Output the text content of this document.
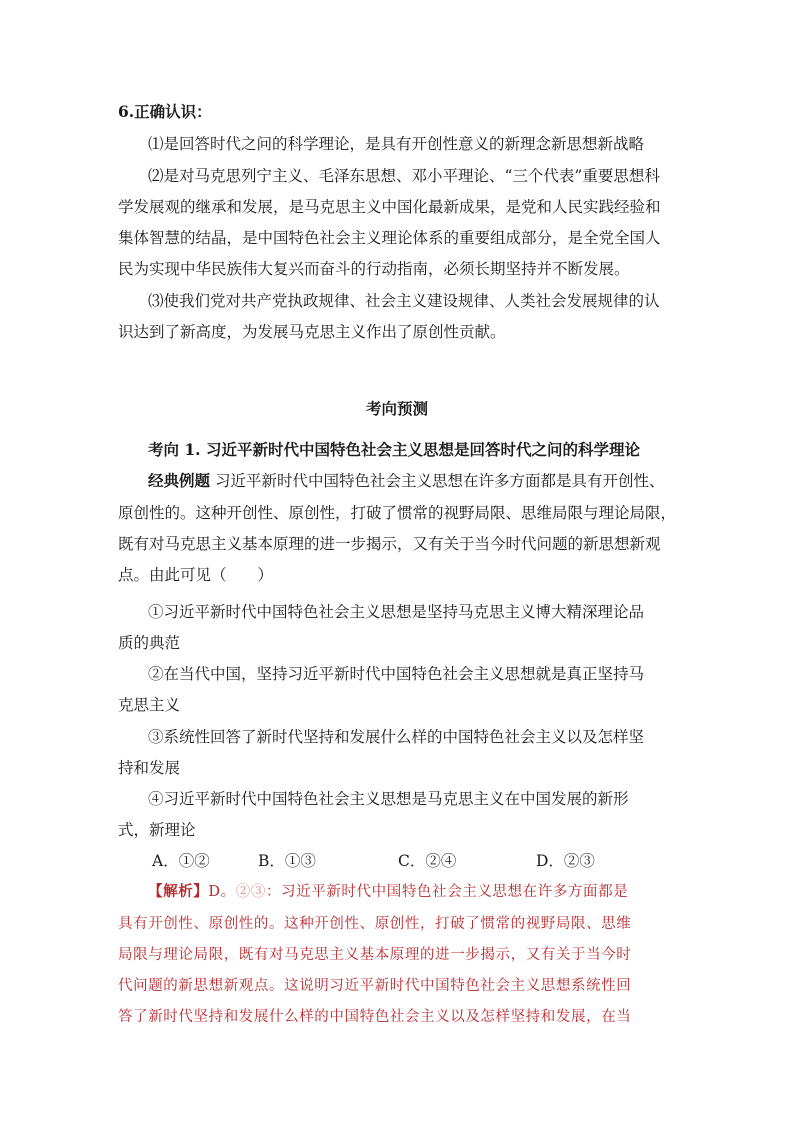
6.正确认识：
⑴是回答时代之问的科学理论，是具有开创性意义的新理念新思想新战略
⑵是对马克思列宁主义、毛泽东思想、邓小平理论、“三个代表”重要思想科
学发展观的继承和发展，是马克思主义中国化最新成果，是党和人民实践经验和
集体智慧的结晶，是中国特色社会主义理论体系的重要组成部分，是全党全国人
民为实现中华民族伟大复兴而奋斗的行动指南，必须长期坚持并不断发展。
⑶使我们党对共产党执政规律、社会主义建设规律、人类社会发展规律的认
识达到了新高度，为发展马克思主义作出了原创性贡献。
考向预测
考向 1. 习近平新时代中国特色社会主义思想是回答时代之问的科学理论
经典例题 习近平新时代中国特色社会主义思想在许多方面都是具有开创性、
原创性的。这种开创性、原创性，打破了惯常的视野局限、思维局限与理论局限，
既有对马克思主义基本原理的进一步揭示，又有关于当今时代问题的新思想新观
点。由此可见（　　）
①习近平新时代中国特色社会主义思想是坚持马克思主义博大精深理论品
质的典范
②在当代中国，坚持习近平新时代中国特色社会主义思想就是真正坚持马
克思主义
③系统性回答了新时代坚持和发展什么样的中国特色社会主义以及怎样坚
持和发展
④习近平新时代中国特色社会主义思想是马克思主义在中国发展的新形
式，新理论
A．①②	B．①③	C．②④	D．②③
【解析】D。②③：习近平新时代中国特色社会主义思想在许多方面都是
具有开创性、原创性的。这种开创性、原创性，打破了惯常的视野局限、思维
局限与理论局限，既有对马克思主义基本原理的进一步揭示，又有关于当今时
代问题的新思想新观点。这说明习近平新时代中国特色社会主义思想系统性回
答了新时代坚持和发展什么样的中国特色社会主义以及怎样坚持和发展，在当
